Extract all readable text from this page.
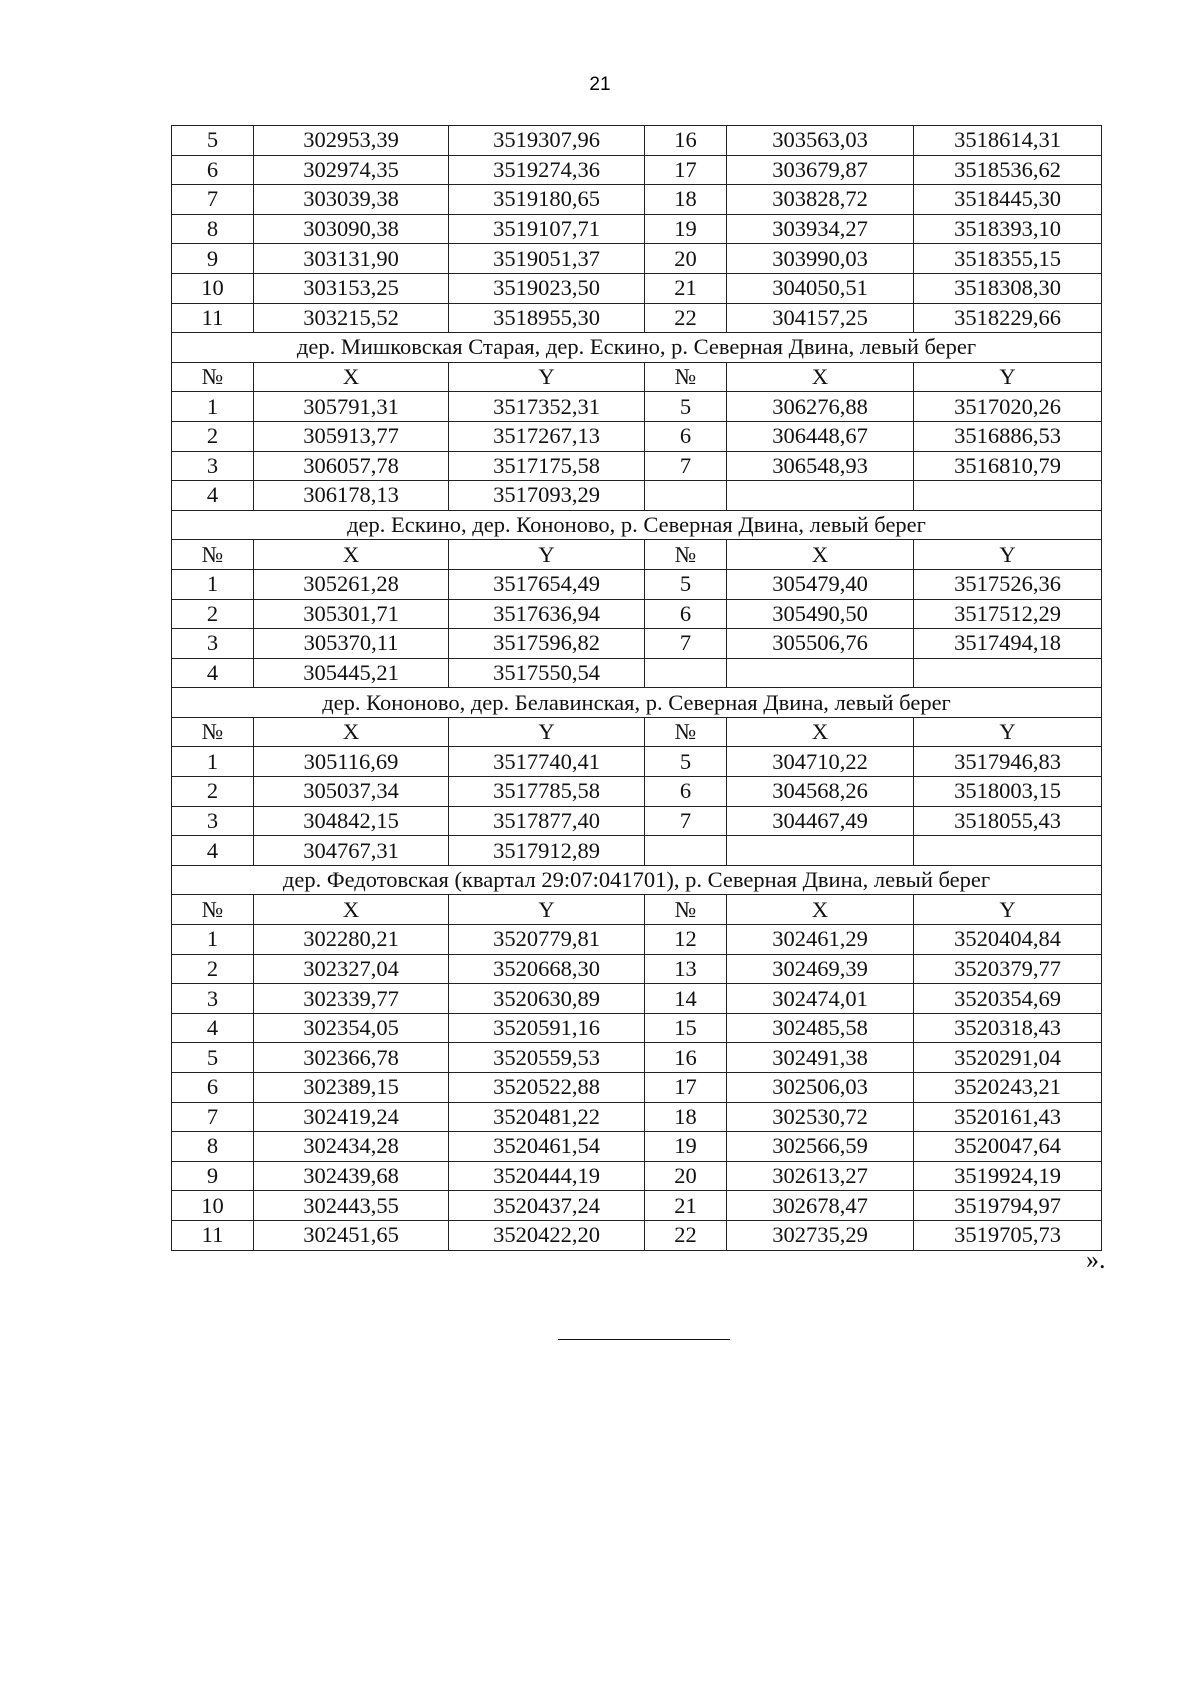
21
5	302953,39	3519307,96	16	303563,03	3518614,31
6	302974,35	3519274,36	17	303679,87	3518536,62
7	303039,38	3519180,65	18	303828,72	3518445,30
8	303090,38	3519107,71	19	303934,27	3518393,10
9	303131,90	3519051,37	20	303990,03	3518355,15
10	303153,25	3519023,50	21	304050,51	3518308,30
11	303215,52	3518955,30	22	304157,25	3518229,66
дер. Мишковская Старая, дер. Ескино, р. Северная Двина, левый берег					
№	X	Y	№	X	Y
1	305791,31	3517352,31	5	306276,88	3517020,26
2	305913,77	3517267,13	6	306448,67	3516886,53
3	306057,78	3517175,58	7	306548,93	3516810,79
4	306178,13	3517093,29			
дер. Ескино, дер. Кононово, р. Северная Двина, левый берег					
№	X	Y	№	X	Y
1	305261,28	3517654,49	5	305479,40	3517526,36
2	305301,71	3517636,94	6	305490,50	3517512,29
3	305370,11	3517596,82	7	305506,76	3517494,18
4	305445,21	3517550,54			
дер. Кононово, дер. Белавинская, р. Северная Двина, левый берег					
№	X	Y	№	X	Y
1	305116,69	3517740,41	5	304710,22	3517946,83
2	305037,34	3517785,58	6	304568,26	3518003,15
3	304842,15	3517877,40	7	304467,49	3518055,43
4	304767,31	3517912,89			
дер. Федотовская (квартал 29:07:041701), р. Северная Двина, левый берег					
№	X	Y	№	X	Y
1	302280,21	3520779,81	12	302461,29	3520404,84
2	302327,04	3520668,30	13	302469,39	3520379,77
3	302339,77	3520630,89	14	302474,01	3520354,69
4	302354,05	3520591,16	15	302485,58	3520318,43
5	302366,78	3520559,53	16	302491,38	3520291,04
6	302389,15	3520522,88	17	302506,03	3520243,21
7	302419,24	3520481,22	18	302530,72	3520161,43
8	302434,28	3520461,54	19	302566,59	3520047,64
9	302439,68	3520444,19	20	302613,27	3519924,19
10	302443,55	3520437,24	21	302678,47	3519794,97
11	302451,65	3520422,20	22	302735,29	3519705,73
».
